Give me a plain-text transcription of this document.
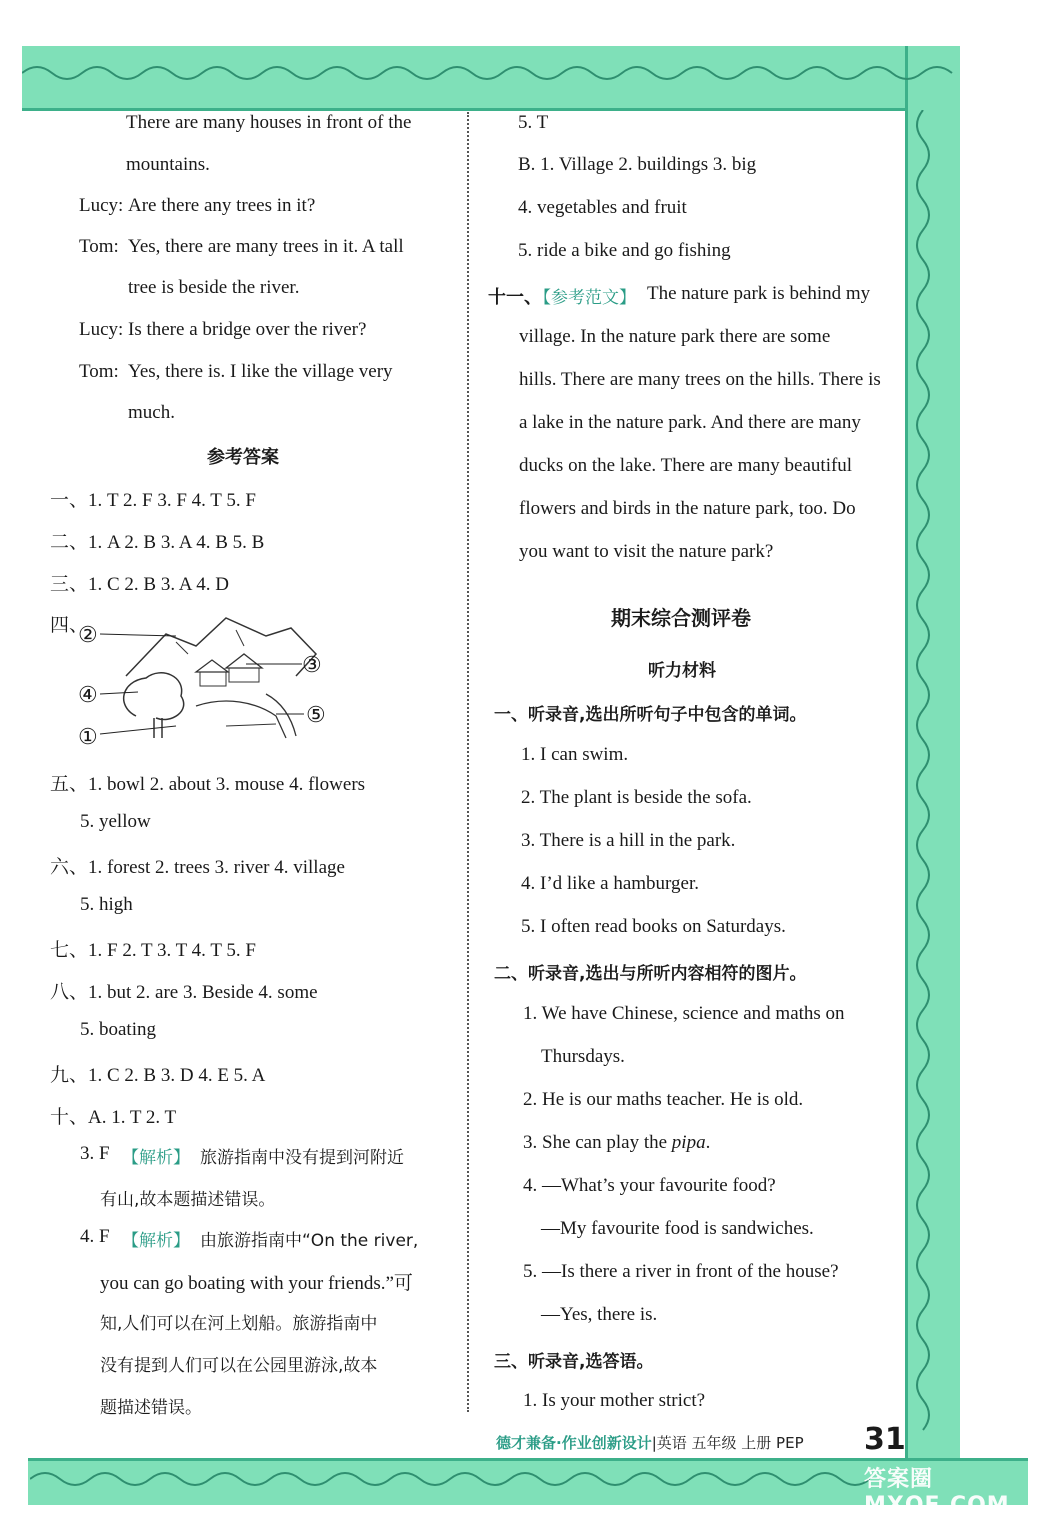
There are many houses in front of the
mountains.
Lucy: Are there any trees in it?
Tom: Yes, there are many trees in it. A tall
tree is beside the river.
Lucy: Is there a bridge over the river?
Tom: Yes, there is. I like the village very
much.
参考答案
一、1. T 2. F 3. F 4. T 5. F
二、1. A 2. B 3. A 4. B 5. B
三、1. C 2. B 3. A 4. D
四、
②
③
④
⑤
①
五、1. bowl 2. about 3. mouse 4. flowers
5. yellow
六、1. forest 2. trees 3. river 4. village
5. high
七、1. F 2. T 3. T 4. T 5. F
八、1. but 2. are 3. Beside 4. some
5. boating
九、1. C 2. B 3. D 4. E 5. A
十、A. 1. T 2. T
3. F 【解析】 旅游指南中没有提到河附近
有山,故本题描述错误。
4. F 【解析】 由旅游指南中“On the river,
you can go boating with your friends.”可
知,人们可以在河上划船。旅游指南中
没有提到人们可以在公园里游泳,故本
题描述错误。
5. T
B. 1. Village 2. buildings 3. big
4. vegetables and fruit
5. ride a bike and go fishing
十一、
【参考范文】 The nature park is behind my
village. In the nature park there are some
hills. There are many trees on the hills. There is
a lake in the nature park. And there are many
ducks on the lake. There are many beautiful
flowers and birds in the nature park, too. Do
you want to visit the nature park?
期末综合测评卷
听力材料
一、听录音,选出所听句子中包含的单词。
1. I can swim.
2. The plant is beside the sofa.
3. There is a hill in the park.
4. I’d like a hamburger.
5. I often read books on Saturdays.
二、听录音,选出与所听内容相符的图片。
1. We have Chinese, science and maths on
Thursdays.
2. He is our maths teacher. He is old.
3. She can play the pipa.
4. —What’s your favourite food?
—My favourite food is sandwiches.
5. —Is there a river in front of the house?
—Yes, there is.
三、听录音,选答语。
1. Is your mother strict?
德才兼备·作业创新设计|英语 五年级 上册 PEP 31
答案圈 MXQE.COM
